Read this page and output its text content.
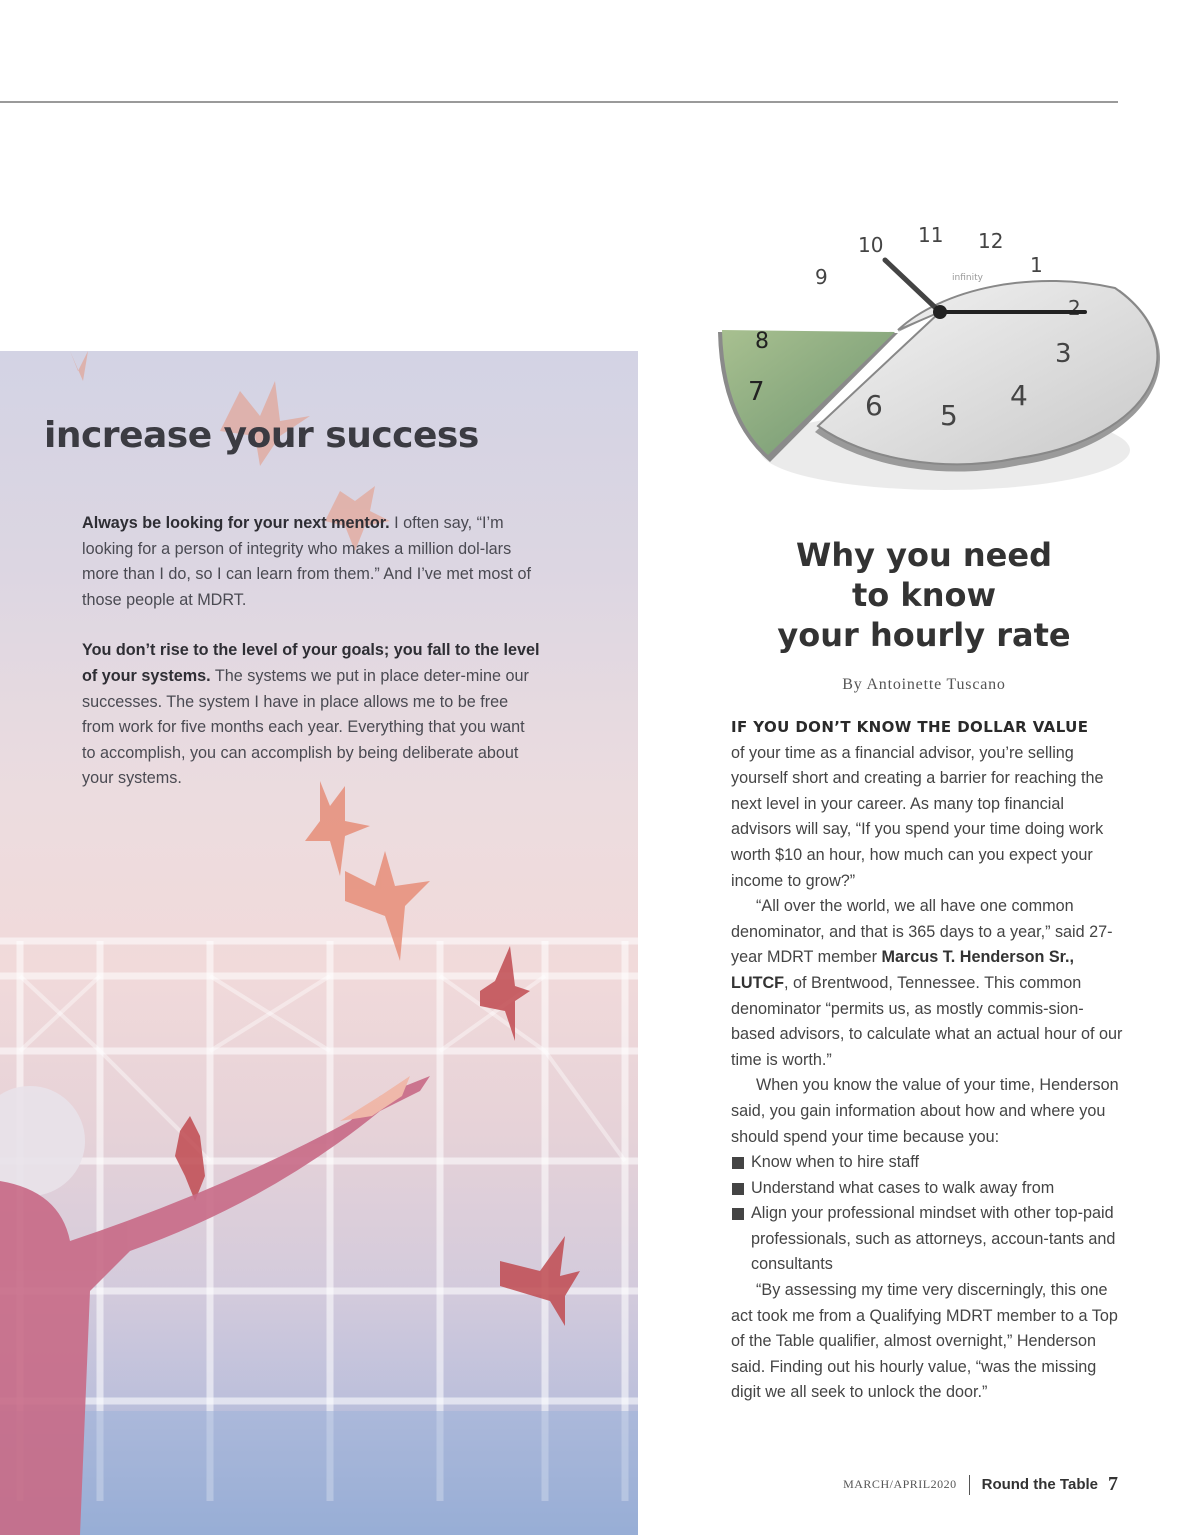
increase your success

Always be looking for your next mentor. I often say, “I’m looking for a person of integrity who makes a million dol-lars more than I do, so I can learn from them.” And I’ve met most of those people at MDRT.

You don’t rise to the level of your goals; you fall to the level of your systems. The systems we put in place deter-mine our successes. The system I have in place allows me to be free from work for five months each year. Everything that you want to accomplish, you can accomplish by being deliberate about your systems.

10 11 12
1
2
3
4
5
6
7
8
9	infinity
Why you need
to know
your hourly rate
By Antoinette Tuscano
IF YOU DON’T KNOW THE DOLLAR VALUE

of your time as a financial advisor, you’re selling yourself short and creating a barrier for reaching the next level in your career. As many top financial advisors will say, “If you spend your time doing work worth $10 an hour, how much can you expect your income to grow?”

“All over the world, we all have one common denominator, and that is 365 days to a year,” said 27-year MDRT member Marcus T. Henderson Sr., LUTCF, of Brentwood, Tennessee. This common denominator “permits us, as mostly commis-sion-based advisors, to calculate what an actual hour of our time is worth.”

When you know the value of your time, Henderson said, you gain information about how and where you should spend your time because you:

Know when to hire staff
Understand what cases to walk away from
Align your professional mindset with other top-paid professionals, such as attorneys, accoun-tants and consultants

“By assessing my time very discerningly, this one act took me from a Qualifying MDRT member to a Top of the Table qualifier, almost overnight,” Henderson said. Finding out his hourly value, “was the missing digit we all seek to unlock the door.”

MARCH/APRIL2020 Round the Table 7
